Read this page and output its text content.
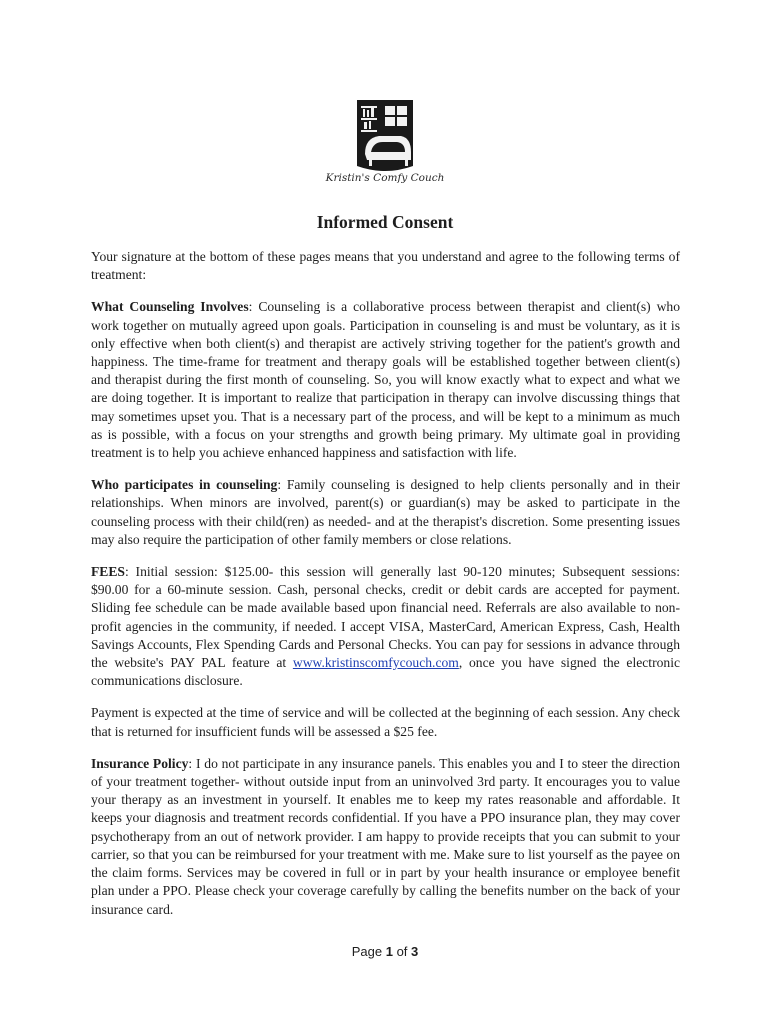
Kristin's Comfy Couch
Informed Consent

Your signature at the bottom of these pages means that you understand and agree to the following terms of treatment:

What Counseling Involves: Counseling is a collaborative process between therapist and client(s) who work together on mutually agreed upon goals. Participation in counseling is and must be voluntary, as it is only effective when both client(s) and therapist are actively striving together for the patient's growth and happiness. The time-frame for treatment and therapy goals will be established together between client(s) and therapist during the first month of counseling. So, you will know exactly what to expect and what we are doing together. It is important to realize that participation in therapy can involve discussing things that may sometimes upset you. That is a necessary part of the process, and will be kept to a minimum as much as is possible, with a focus on your strengths and growth being primary. My ultimate goal in providing treatment is to help you achieve enhanced happiness and satisfaction with life.

Who participates in counseling: Family counseling is designed to help clients personally and in their relationships. When minors are involved, parent(s) or guardian(s) may be asked to participate in the counseling process with their child(ren) as needed- and at the therapist's discretion. Some presenting issues may also require the participation of other family members or close relations.

FEES: Initial session: $125.00- this session will generally last 90-120 minutes; Subsequent sessions: $90.00 for a 60-minute session. Cash, personal checks, credit or debit cards are accepted for payment. Sliding fee schedule can be made available based upon financial need. Referrals are also available to non-profit agencies in the community, if needed. I accept VISA, MasterCard, American Express, Cash, Health Savings Accounts, Flex Spending Cards and Personal Checks. You can pay for sessions in advance through the website's PAY PAL feature at www.kristinscomfycouch.com, once you have signed the electronic communications disclosure.

Payment is expected at the time of service and will be collected at the beginning of each session. Any check that is returned for insufficient funds will be assessed a $25 fee.

Insurance Policy: I do not participate in any insurance panels. This enables you and I to steer the direction of your treatment together- without outside input from an uninvolved 3rd party. It encourages you to value your therapy as an investment in yourself. It enables me to keep my rates reasonable and affordable. It keeps your diagnosis and treatment records confidential. If you have a PPO insurance plan, they may cover psychotherapy from an out of network provider. I am happy to provide receipts that you can submit to your carrier, so that you can be reimbursed for your treatment with me. Make sure to list yourself as the payee on the claim forms. Services may be covered in full or in part by your health insurance or employee benefit plan under a PPO. Please check your coverage carefully by calling the benefits number on the back of your insurance card.

Page 1 of 3
